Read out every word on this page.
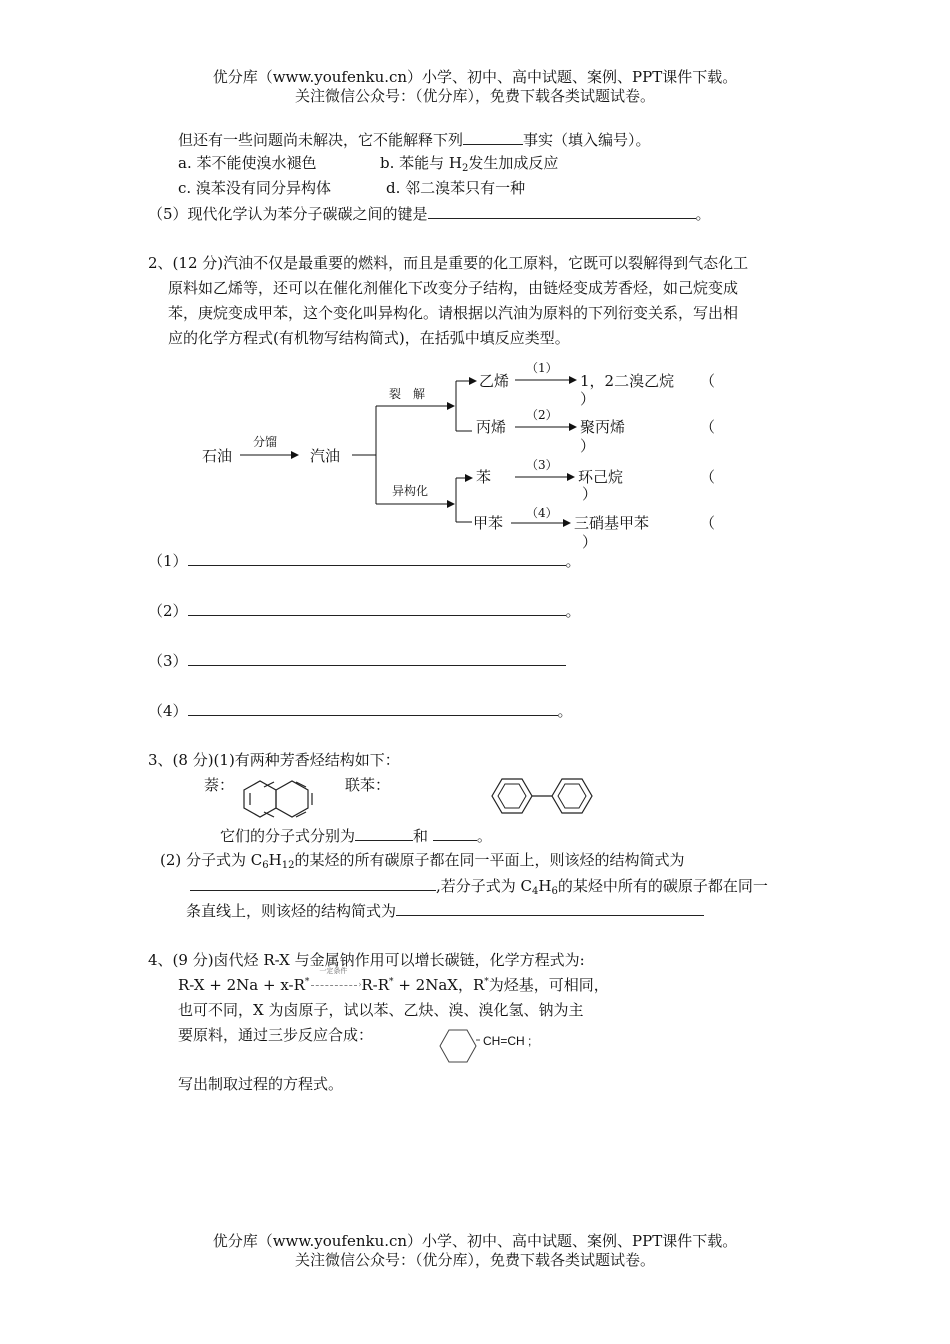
优分库（www.youfenku.cn）小学、初中、高中试题、案例、PPT课件下载。
关注微信公众号：（优分库），免费下载各类试题试卷。
但还有一些问题尚未解决，它不能解释下列	事实（填入编号）。
a. 苯不能使溴水褪色	b. 苯能与 $H_2$发生加成反应
c. 溴苯没有同分异构体	d. 邻二溴苯只有一种
（5）现代化学认为苯分子碳碳之间的键是	。
2、(12 分)汽油不仅是最重要的燃料，而且是重要的化工原料，它既可以裂解得到气态化工
原料如乙烯等，还可以在催化剂催化下改变分子结构，由链烃变成芳香烃，如己烷变成
苯，庚烷变成甲苯，这个变化叫异构化。请根据以汽油为原料的下列衍变关系，写出相
应的化学方程式(有机物写结构简式)，在括弧中填反应类型。
石油
分馏
汽油
裂　解
乙烯
（1）
1，2二溴乙烷 （
）
丙烯
（2）
聚丙烯	（
）
异构化
苯
（3）
环己烷	（
）
甲苯
（4）
三硝基甲苯	（
）
（1）	。
（2）	。
（3）
（4）	。
3、(8 分)(1)有两种芳香烃结构如下：
萘：	联苯：
它们的分子式分别为	和	。
(2) 分子式为 $C_6H_{12}$的某烃的所有碳原子都在同一平面上，则该烃的结构简式为
,若分子式为 $C_4H_6$的某烃中所有的碳原子都在同一
条直线上，则该烃的结构简式为
4、(9 分)卤代烃 R-X 与金属钠作用可以增长碳链，化学方程式为:
R-X + 2Na + x-R*
一定条件
› R-R* + 2NaX，R*为烃基，可相同，
也可不同，X 为卤原子，试以苯、乙炔、溴、溴化氢、钠为主
要原料，通过三步反应合成：	CH=CH ;
写出制取过程的方程式。
优分库（www.youfenku.cn）小学、初中、高中试题、案例、PPT课件下载。
关注微信公众号：（优分库），免费下载各类试题试卷。
